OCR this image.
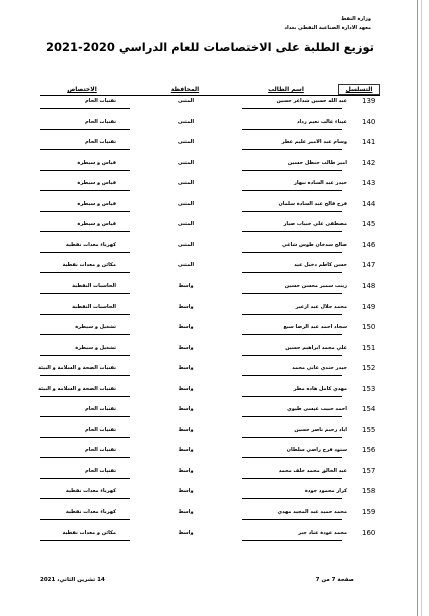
وزارة النفط
معهد الادارة الصناعية النفطي بغداد
توزيع الطلبة على الاختصاصات للعام الدراسي 2020-2021
التسلسل
اسم الطالب
المحافظة
الاختصاص
139
عبد الله حسين شداغر حسين
المثنى
تقنيات الحام
140
عيناء غالب نعيم رداد
المثنى
تقنيات الحام
141
وسام عبد الامير عليم عطر
المثنى
تقنيات الحام
142
امير طالب حنظل حسين
المثنى
قياس و سيطرة
143
حيدر عبد السادة نبهار
المثنى
قياس و سيطرة
144
فرح قالح عبد السادة سلمان
المثنى
قياس و سيطرة
145
مصطفى علي خنياب صيار
المثنى
قياس و سيطرة
146
صالح سدخان طوس شاغي
المثنى
كهرباء معدات نفطية
147
حسن كاظم دخيل عيد
المثنى
مكائن و معدات نفطية
148
زينب سمير محسن حسين
واسط
الحاسبات النفطية
149
محمد جلال عبد ازعير
واسط
الحاسبات النفطية
150
سجاد احمد عبد الرضا سبع
واسط
تشغيل و سيطرة
151
علي محمد ابراهيم حسين
واسط
تشغيل و سيطرة
152
حيدر جندي عاتي محمد
واسط
تقنيات الصحة و السلامة و البيئة
153
مهدي كامل هاده مطر
واسط
تقنيات الصحة و السلامة و البيئة
154
احمد حبيب عيسى طيوي
واسط
تقنيات الحام
155
اياد رحيم ناصر حسين
واسط
تقنيات الحام
156
ستود فرج راضي سلطان
واسط
تقنيات الحام
157
عبد الخالق محمد خلف محمد
واسط
تقنيات الحام
158
كرار محمود جودة
واسط
كهرباء معدات نفطية
159
محمد حميد عبد المجيد مهدي
واسط
كهرباء معدات نفطية
160
محمد عودة عناد جبر
واسط
مكائن و معدات نفطية
صفحة 7 من 7
14 تشرين الثاني، 2021
